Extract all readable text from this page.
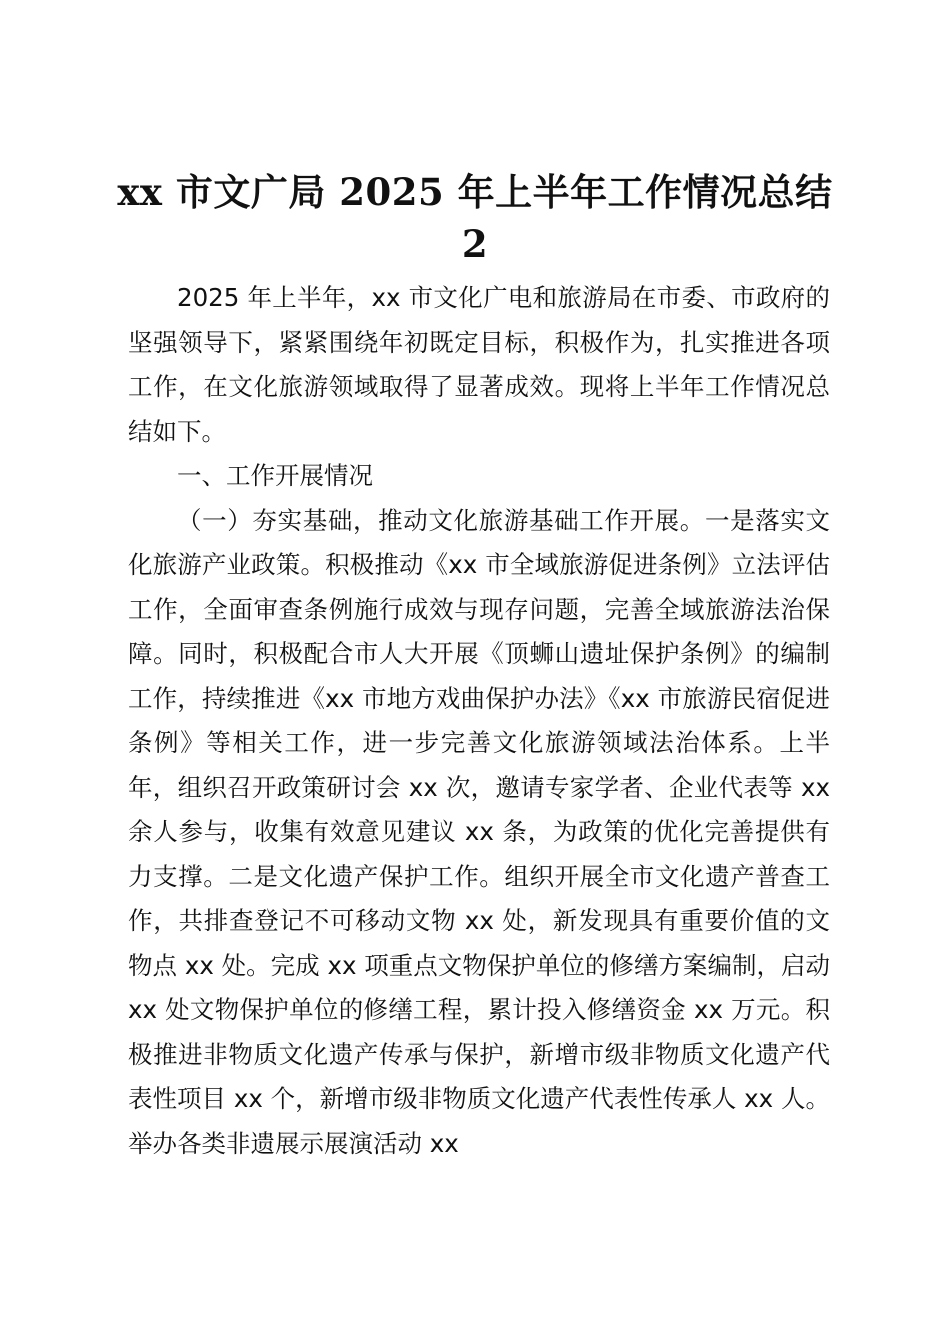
xx 市文广局 2025 年上半年工作情况总结 2

2025 年上半年，xx 市文化广电和旅游局在市委、市政府的坚强领导下，紧紧围绕年初既定目标，积极作为，扎实推进各项工作，在文化旅游领域取得了显著成效。现将上半年工作情况总结如下。

一、工作开展情况

（一）夯实基础，推动文化旅游基础工作开展。一是落实文化旅游产业政策。积极推动《xx 市全域旅游促进条例》立法评估工作，全面审查条例施行成效与现存问题，完善全域旅游法治保障。同时，积极配合市人大开展《顶蛳山遗址保护条例》的编制工作，持续推进《xx 市地方戏曲保护办法》《xx 市旅游民宿促进条例》等相关工作，进一步完善文化旅游领域法治体系。上半年，组织召开政策研讨会 xx 次，邀请专家学者、企业代表等 xx 余人参与，收集有效意见建议 xx 条，为政策的优化完善提供有力支撑。二是文化遗产保护工作。组织开展全市文化遗产普查工作，共排查登记不可移动文物 xx 处，新发现具有重要价值的文物点 xx 处。完成 xx 项重点文物保护单位的修缮方案编制，启动 xx 处文物保护单位的修缮工程，累计投入修缮资金 xx 万元。积极推进非物质文化遗产传承与保护，新增市级非物质文化遗产代表性项目 xx 个，新增市级非物质文化遗产代表性传承人 xx 人。举办各类非遗展示展演活动 xx
